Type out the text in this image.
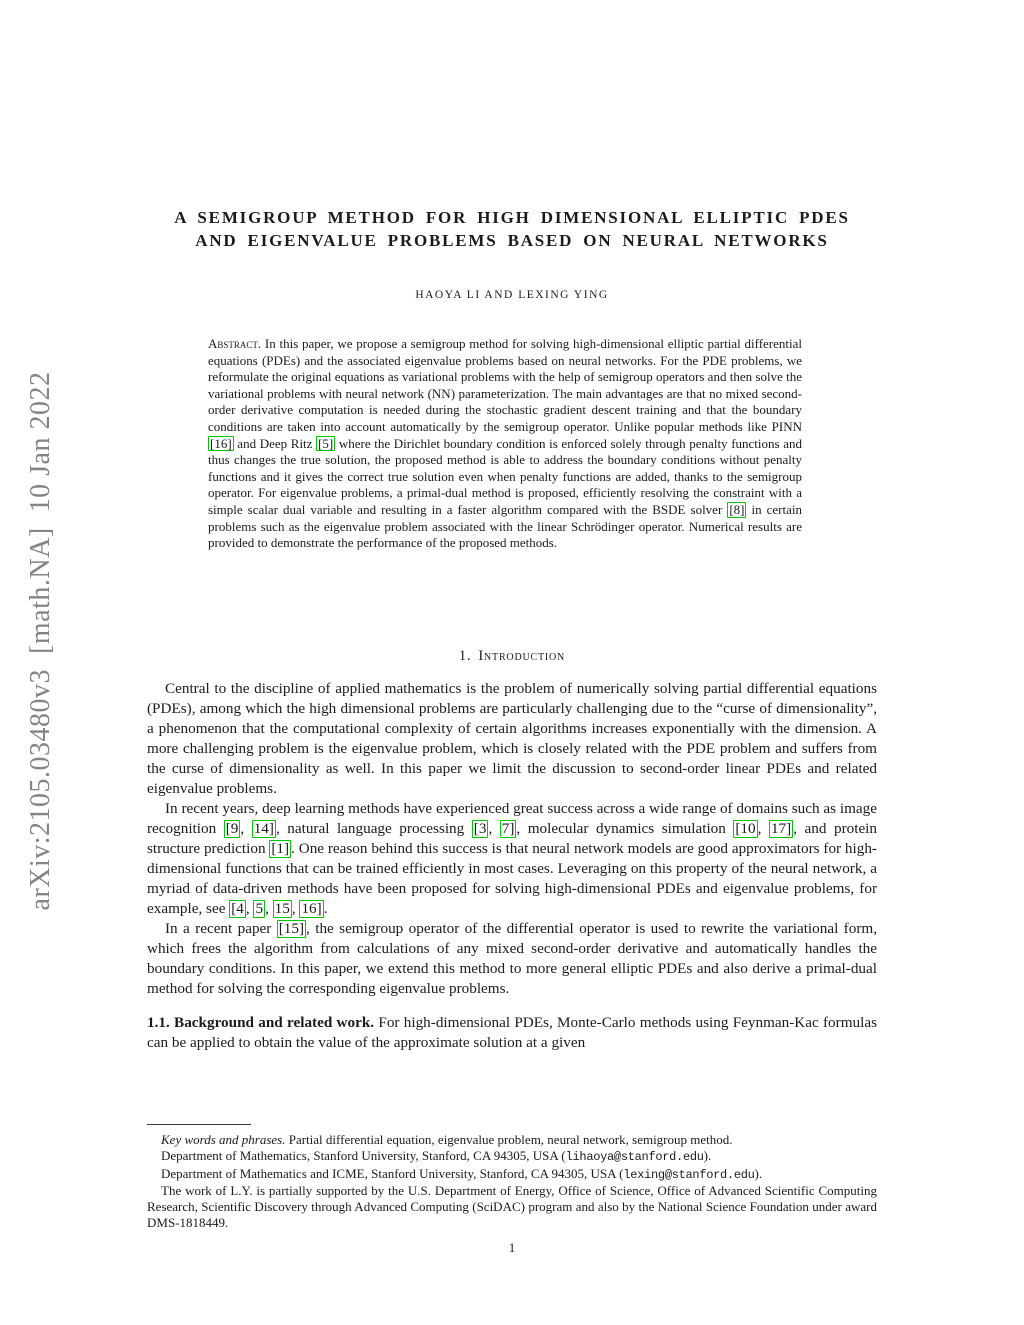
arXiv:2105.03480v3  [math.NA]  10 Jan 2022
A SEMIGROUP METHOD FOR HIGH DIMENSIONAL ELLIPTIC PDES
AND EIGENVALUE PROBLEMS BASED ON NEURAL NETWORKS
HAOYA LI AND LEXING YING
Abstract. In this paper, we propose a semigroup method for solving high-dimensional elliptic partial differential equations (PDEs) and the associated eigenvalue problems based on neural networks. For the PDE problems, we reformulate the original equations as variational problems with the help of semigroup operators and then solve the variational problems with neural network (NN) parameterization. The main advantages are that no mixed second-order derivative computation is needed during the stochastic gradient descent training and that the boundary conditions are taken into account automatically by the semigroup operator. Unlike popular methods like PINN [16] and Deep Ritz [5] where the Dirichlet boundary condition is enforced solely through penalty functions and thus changes the true solution, the proposed method is able to address the boundary conditions without penalty functions and it gives the correct true solution even when penalty functions are added, thanks to the semigroup operator. For eigenvalue problems, a primal-dual method is proposed, efficiently resolving the constraint with a simple scalar dual variable and resulting in a faster algorithm compared with the BSDE solver [8] in certain problems such as the eigenvalue problem associated with the linear Schrödinger operator. Numerical results are provided to demonstrate the performance of the proposed methods.
1. Introduction

Central to the discipline of applied mathematics is the problem of numerically solving partial differential equations (PDEs), among which the high dimensional problems are particularly challenging due to the “curse of dimensionality”, a phenomenon that the computational complexity of certain algorithms increases exponentially with the dimension. A more challenging problem is the eigenvalue problem, which is closely related with the PDE problem and suffers from the curse of dimensionality as well. In this paper we limit the discussion to second-order linear PDEs and related eigenvalue problems.

In recent years, deep learning methods have experienced great success across a wide range of domains such as image recognition [9 , 14] , natural language processing [3 , 7] , molecular dynamics simulation [10 , 17] , and protein structure prediction [1] . One reason behind this success is that neural network models are good approximators for high-dimensional functions that can be trained efficiently in most cases. Leveraging on this property of the neural network, a myriad of data-driven methods have been proposed for solving high-dimensional PDEs and eigenvalue problems, for example, see [4 , 5 , 15 , 16] .

In a recent paper [15] , the semigroup operator of the differential operator is used to rewrite the variational form, which frees the algorithm from calculations of any mixed second-order derivative and automatically handles the boundary conditions. In this paper, we extend this method to more general elliptic PDEs and also derive a primal-dual method for solving the corresponding eigenvalue problems.

1.1. Background and related work. For high-dimensional PDEs, Monte-Carlo methods using Feynman-Kac formulas can be applied to obtain the value of the approximate solution at a given

Key words and phrases. Partial differential equation, eigenvalue problem, neural network, semigroup method.

Department of Mathematics, Stanford University, Stanford, CA 94305, USA (lihaoya@stanford.edu).

Department of Mathematics and ICME, Stanford University, Stanford, CA 94305, USA (lexing@stanford.edu).

The work of L.Y. is partially supported by the U.S. Department of Energy, Office of Science, Office of Advanced Scientific Computing Research, Scientific Discovery through Advanced Computing (SciDAC) program and also by the National Science Foundation under award DMS-1818449.

1
